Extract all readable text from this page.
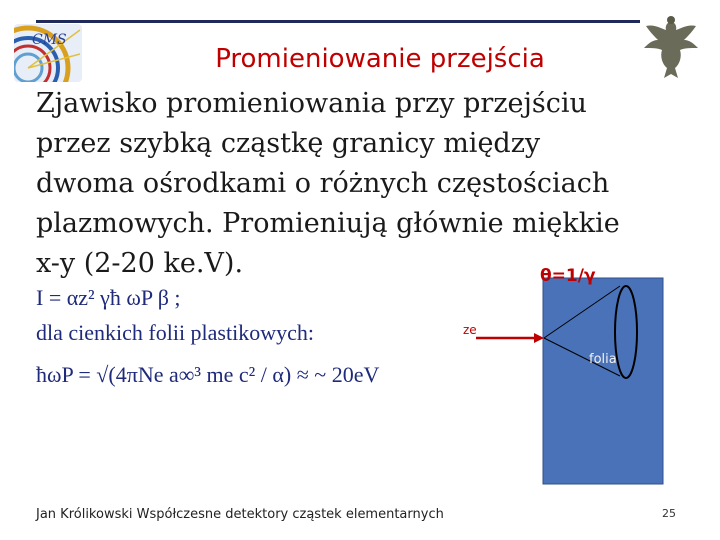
CMS
Promieniowanie przejścia
Zjawisko promieniowania przy przejściu
przez szybką cząstkę granicy między
dwoma ośrodkami o różnych częstościach
plazmowych. Promieniują głównie miękkie
x-y (2-20 ke.V).
I = αz² γħ ωP β ;
dla cienkich folii plastikowych:
ħωP = √(4πNe a∞³ me c² / α) ≈ ~ 20eV
θ=1/γ
ze
folia
Jan Królikowski Współczesne detektory cząstek elementarnych	25
